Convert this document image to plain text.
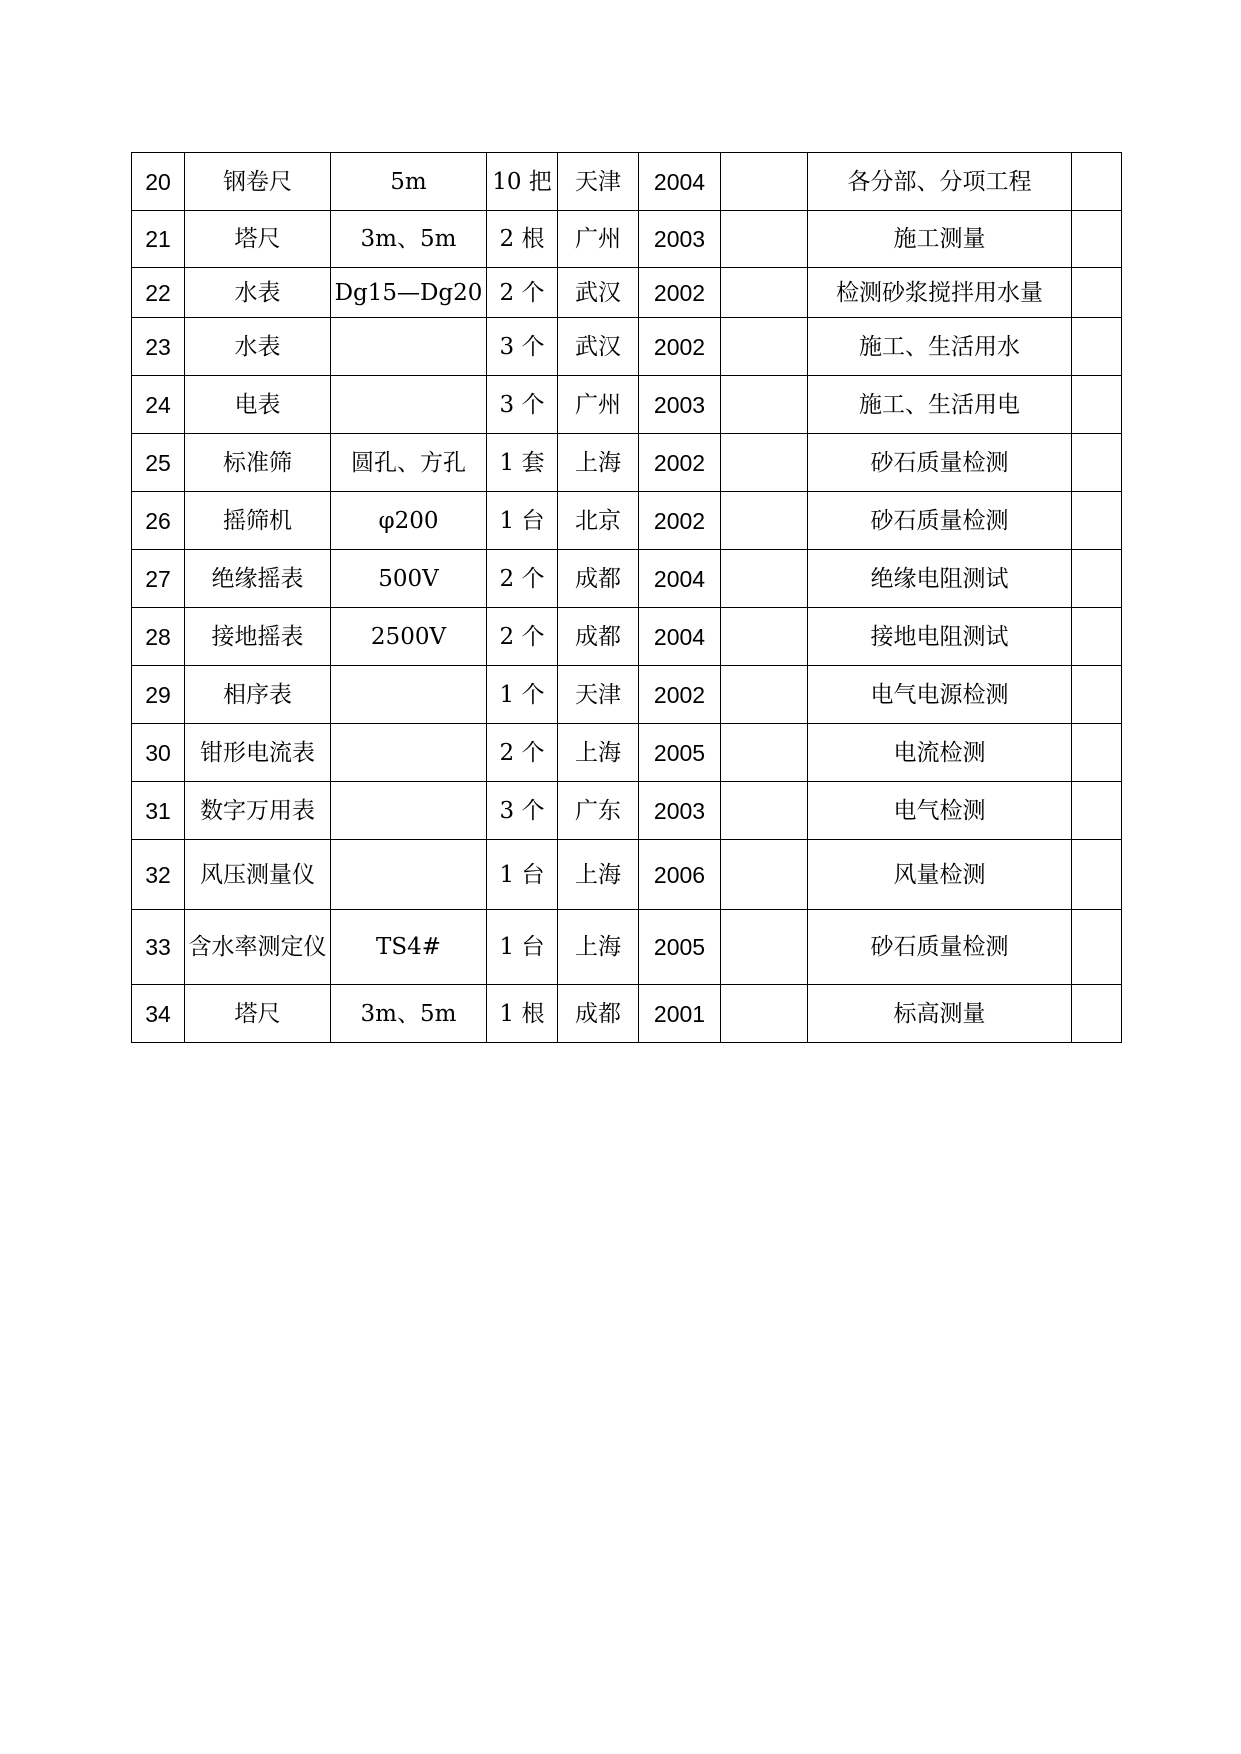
20	钢卷尺	5m	10 把	天津	2004		各分部、分项工程	
21	塔尺	3m、5m	2 根	广州	2003		施工测量	
22	水表	Dg15—Dg20	2 个	武汉	2002		检测砂浆搅拌用水量	
23	水表		3 个	武汉	2002		施工、生活用水	
24	电表		3 个	广州	2003		施工、生活用电	
25	标准筛	圆孔、方孔	1 套	上海	2002		砂石质量检测	
26	摇筛机	φ200	1 台	北京	2002		砂石质量检测	
27	绝缘摇表	500V	2 个	成都	2004		绝缘电阻测试	
28	接地摇表	2500V	2 个	成都	2004		接地电阻测试	
29	相序表		1 个	天津	2002		电气电源检测	
30	钳形电流表		2 个	上海	2005		电流检测	
31	数字万用表		3 个	广东	2003		电气检测	
32	风压测量仪		1 台	上海	2006		风量检测	
33	含水率测定仪	TS4#	1 台	上海	2005		砂石质量检测	
34	塔尺	3m、5m	1 根	成都	2001		标高测量	
